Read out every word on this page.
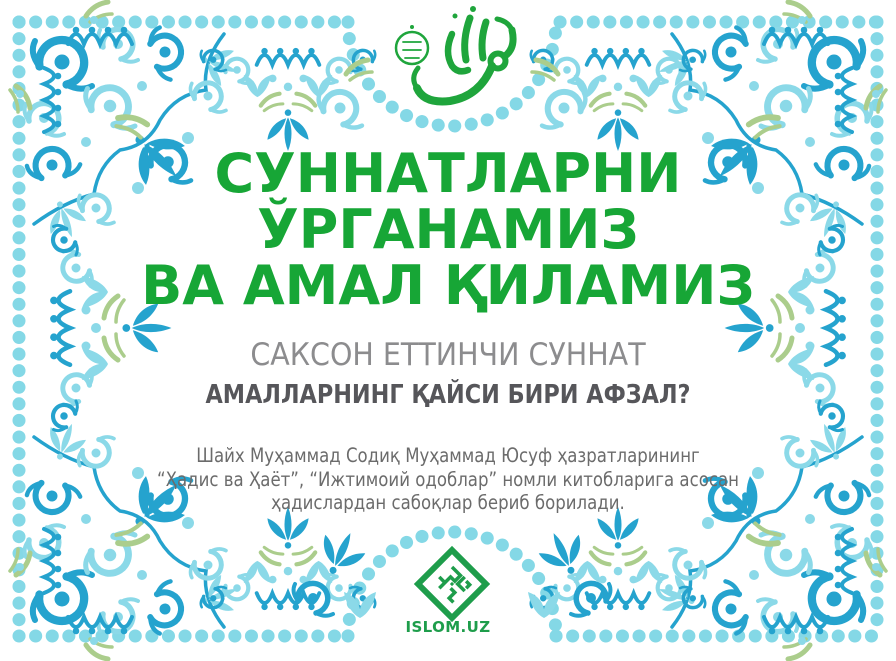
СУННАТЛАРНИ
ЎРГАНАМИЗ
ВА АМАЛ ҚИЛАМИЗ
САКСОН ЕТТИНЧИ СУННАТ
АМАЛЛАРНИНГ ҚАЙСИ БИРИ АФЗАЛ?
Шайх Муҳаммад Содиқ Муҳаммад Юсуф ҳазратларининг
“Ҳадис ва Ҳаёт”, “Ижтимоий одоблар” номли китобларига асосан
ҳадислардан сабоқлар бериб борилади.
ISLOM.UZ
